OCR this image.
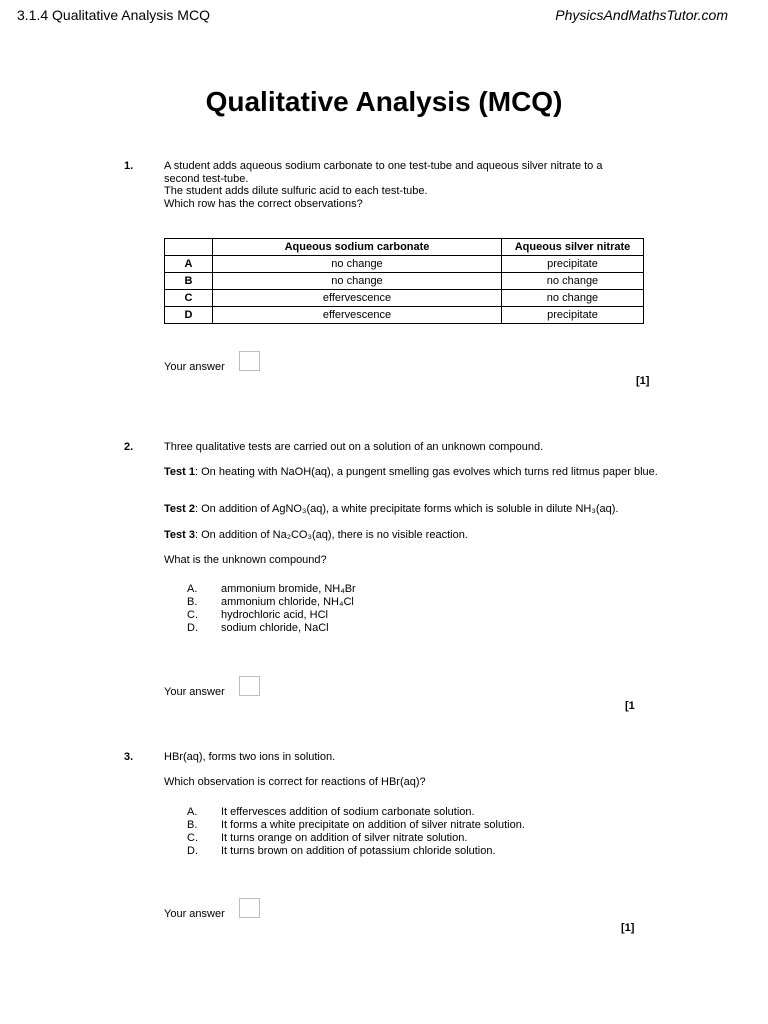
3.1.4 Qualitative Analysis MCQ	PhysicsAndMathsTutor.com
Qualitative Analysis (MCQ)
1.	A student adds aqueous sodium carbonate to one test-tube and aqueous silver nitrate to a
second test-tube.
The student adds dilute sulfuric acid to each test-tube.
Which row has the correct observations?
	Aqueous sodium carbonate	Aqueous silver nitrate
A	no change	precipitate
B	no change	no change
C	effervescence	no change
D	effervescence	precipitate
Your answer
[1]
2.	Three qualitative tests are carried out on a solution of an unknown compound.
Test 1: On heating with NaOH(aq), a pungent smelling gas evolves which turns red litmus paper blue.
Test 2: On addition of AgNO₃(aq), a white precipitate forms which is soluble in dilute NH₃(aq).
Test 3: On addition of Na₂CO₃(aq), there is no visible reaction.
What is the unknown compound?
A.	ammonium bromide, NH₄Br
B.	ammonium chloride, NH₄Cl
C.	hydrochloric acid, HCl
D.	sodium chloride, NaCl
Your answer
[1
3.	HBr(aq), forms two ions in solution.
Which observation is correct for reactions of HBr(aq)?
A.	It effervesces addition of sodium carbonate solution.
B.	It forms a white precipitate on addition of silver nitrate solution.
C.	It turns orange on addition of silver nitrate solution.
D.	It turns brown on addition of potassium chloride solution.
Your answer
[1]
